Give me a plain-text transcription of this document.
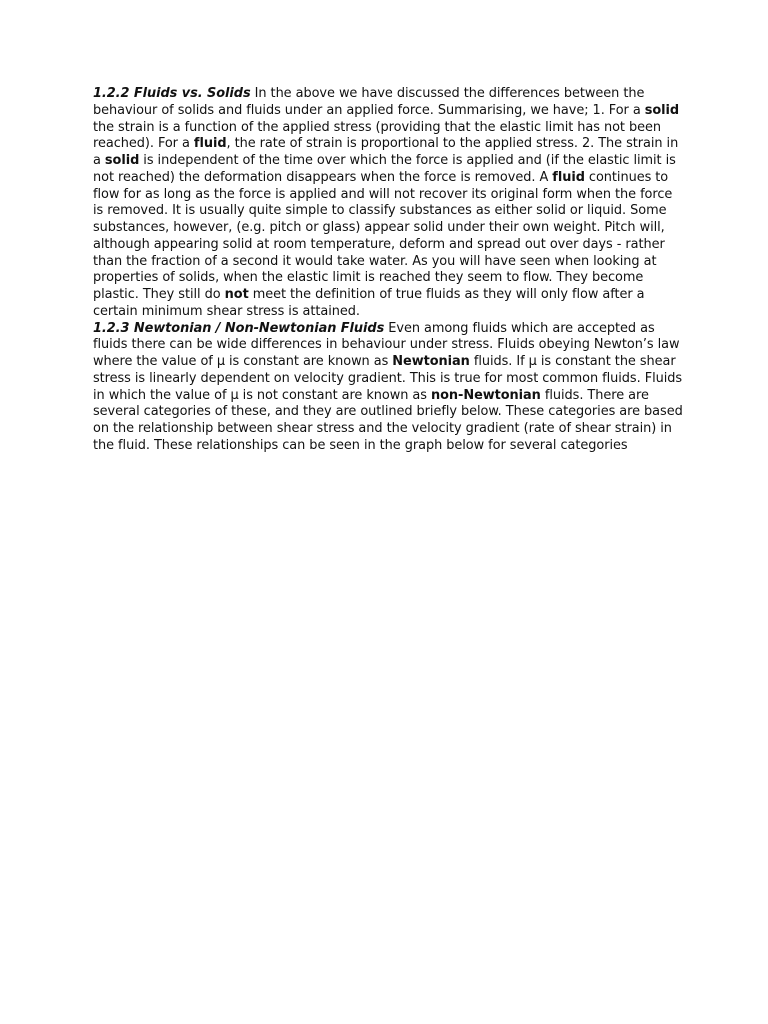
1.2.2 Fluids vs. Solids In the above we have discussed the differences between the behaviour of solids and fluids under an applied force. Summarising, we have; 1. For a solid the strain is a function of the applied stress (providing that the elastic limit has not been reached). For a fluid, the rate of strain is proportional to the applied stress. 2. The strain in a solid is independent of the time over which the force is applied and (if the elastic limit is not reached) the deformation disappears when the force is removed. A fluid continues to flow for as long as the force is applied and will not recover its original form when the force is removed. It is usually quite simple to classify substances as either solid or liquid. Some substances, however, (e.g. pitch or glass) appear solid under their own weight. Pitch will, although appearing solid at room temperature, deform and spread out over days - rather than the fraction of a second it would take water. As you will have seen when looking at properties of solids, when the elastic limit is reached they seem to flow. They become plastic. They still do not meet the definition of true fluids as they will only flow after a certain minimum shear stress is attained.

1.2.3 Newtonian / Non-Newtonian Fluids Even among fluids which are accepted as fluids there can be wide differences in behaviour under stress. Fluids obeying Newton’s law where the value of µ is constant are known as Newtonian fluids. If µ is constant the shear stress is linearly dependent on velocity gradient. This is true for most common fluids. Fluids in which the value of µ is not constant are known as non-Newtonian fluids. There are several categories of these, and they are outlined briefly below. These categories are based on the relationship between shear stress and the velocity gradient (rate of shear strain) in the fluid. These relationships can be seen in the graph below for several categories
